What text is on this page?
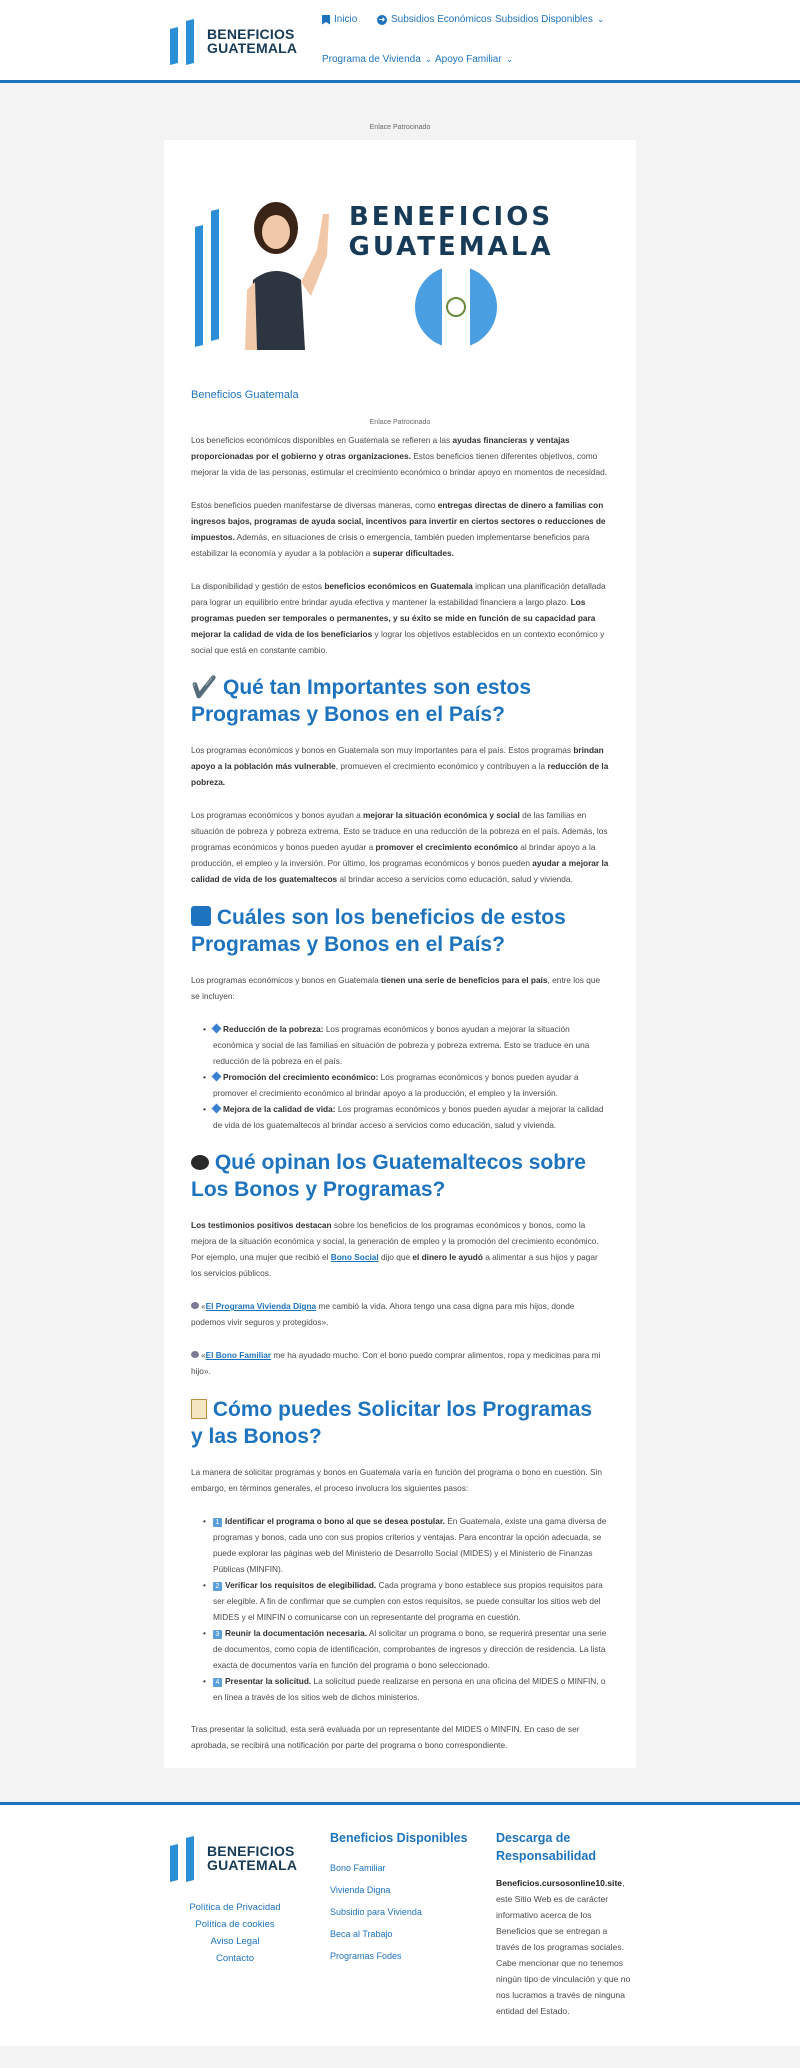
BENEFICIOS
GUATEMALA
Inicio	➜ Subsidios Económicos Subsidios Disponibles ⌄
Programa de Vivienda ⌄ Apoyo Familiar ⌄
Enlace Patrocinado
BENEFICIOS
GUATEMALA
Beneficios Guatemala
Enlace Patrocinado

Los beneficios económicos disponibles en Guatemala se refieren a las ayudas financieras y ventajas proporcionadas por el gobierno y otras organizaciones. Estos beneficios tienen diferentes objetivos, como mejorar la vida de las personas, estimular el crecimiento económico o brindar apoyo en momentos de necesidad.

Estos beneficios pueden manifestarse de diversas maneras, como entregas directas de dinero a familias con ingresos bajos, programas de ayuda social, incentivos para invertir en ciertos sectores o reducciones de impuestos. Además, en situaciones de crisis o emergencia, también pueden implementarse beneficios para estabilizar la economía y ayudar a la población a superar dificultades.

La disponibilidad y gestión de estos beneficios económicos en Guatemala implican una planificación detallada para lograr un equilibrio entre brindar ayuda efectiva y mantener la estabilidad financiera a largo plazo. Los programas pueden ser temporales o permanentes, y su éxito se mide en función de su capacidad para mejorar la calidad de vida de los beneficiarios y lograr los objetivos establecidos en un contexto económico y social que está en constante cambio.

✔️ Qué tan Importantes son estos Programas y Bonos en el País?

Los programas económicos y bonos en Guatemala son muy importantes para el país. Estos programas brindan apoyo a la población más vulnerable, promueven el crecimiento económico y contribuyen a la reducción de la pobreza.

Los programas económicos y bonos ayudan a mejorar la situación económica y social de las familias en situación de pobreza y pobreza extrema. Esto se traduce en una reducción de la pobreza en el país. Además, los programas económicos y bonos pueden ayudar a promover el crecimiento económico al brindar apoyo a la producción, el empleo y la inversión. Por último, los programas económicos y bonos pueden ayudar a mejorar la calidad de vida de los guatemaltecos al brindar acceso a servicios como educación, salud y vivienda.

Cuáles son los beneficios de estos Programas y Bonos en el País?

Los programas económicos y bonos en Guatemala tienen una serie de beneficios para el país, entre los que se incluyen:

• Reducción de la pobreza: Los programas económicos y bonos ayudan a mejorar la situación económica y social de las familias en situación de pobreza y pobreza extrema. Esto se traduce en una reducción de la pobreza en el país.
• Promoción del crecimiento económico: Los programas económicos y bonos pueden ayudar a promover el crecimiento económico al brindar apoyo a la producción, el empleo y la inversión.
• Mejora de la calidad de vida: Los programas económicos y bonos pueden ayudar a mejorar la calidad de vida de los guatemaltecos al brindar acceso a servicios como educación, salud y vivienda.
Qué opinan los Guatemaltecos sobre Los Bonos y Programas?

Los testimonios positivos destacan sobre los beneficios de los programas económicos y bonos, como la mejora de la situación económica y social, la generación de empleo y la promoción del crecimiento económico. Por ejemplo, una mujer que recibió el Bono Social dijo que el dinero le ayudó a alimentar a sus hijos y pagar los servicios públicos.

«El Programa Vivienda Digna me cambió la vida. Ahora tengo una casa digna para mis hijos, donde podemos vivir seguros y protegidos».

«El Bono Familiar me ha ayudado mucho. Con el bono puedo comprar alimentos, ropa y medicinas para mi hijo».

Cómo puedes Solicitar los Programas y las Bonos?

La manera de solicitar programas y bonos en Guatemala varía en función del programa o bono en cuestión. Sin embargo, en términos generales, el proceso involucra los siguientes pasos:

• 1 Identificar el programa o bono al que se desea postular. En Guatemala, existe una gama diversa de programas y bonos, cada uno con sus propios criterios y ventajas. Para encontrar la opción adecuada, se puede explorar las páginas web del Ministerio de Desarrollo Social (MIDES) y el Ministerio de Finanzas Públicas (MINFIN).
• 2 Verificar los requisitos de elegibilidad. Cada programa y bono establece sus propios requisitos para ser elegible. A fin de confirmar que se cumplen con estos requisitos, se puede consultar los sitios web del MIDES y el MINFIN o comunicarse con un representante del programa en cuestión.
• 3 Reunir la documentación necesaria. Al solicitar un programa o bono, se requerirá presentar una serie de documentos, como copia de identificación, comprobantes de ingresos y dirección de residencia. La lista exacta de documentos varía en función del programa o bono seleccionado.
• 4 Presentar la solicitud. La solicitud puede realizarse en persona en una oficina del MIDES o MINFIN, o en línea a través de los sitios web de dichos ministerios.

Tras presentar la solicitud, esta será evaluada por un representante del MIDES o MINFIN. En caso de ser aprobada, se recibirá una notificación por parte del programa o bono correspondiente.

BENEFICIOS
GUATEMALA
Política de Privacidad
Política de cookies
Aviso Legal
Contacto
Beneficios Disponibles
Bono Familiar
Vivienda Digna
Subsidio para Vivienda
Beca al Trabajo
Programas Fodes
Descarga de Responsabilidad
Beneficios.cursosonline10.site, este Sitio Web es de carácter informativo acerca de los Beneficios que se entregan a través de los programas sociales. Cabe mencionar que no tenemos ningún tipo de vinculación y que no nos lucramos a través de ninguna entidad del Estado.
